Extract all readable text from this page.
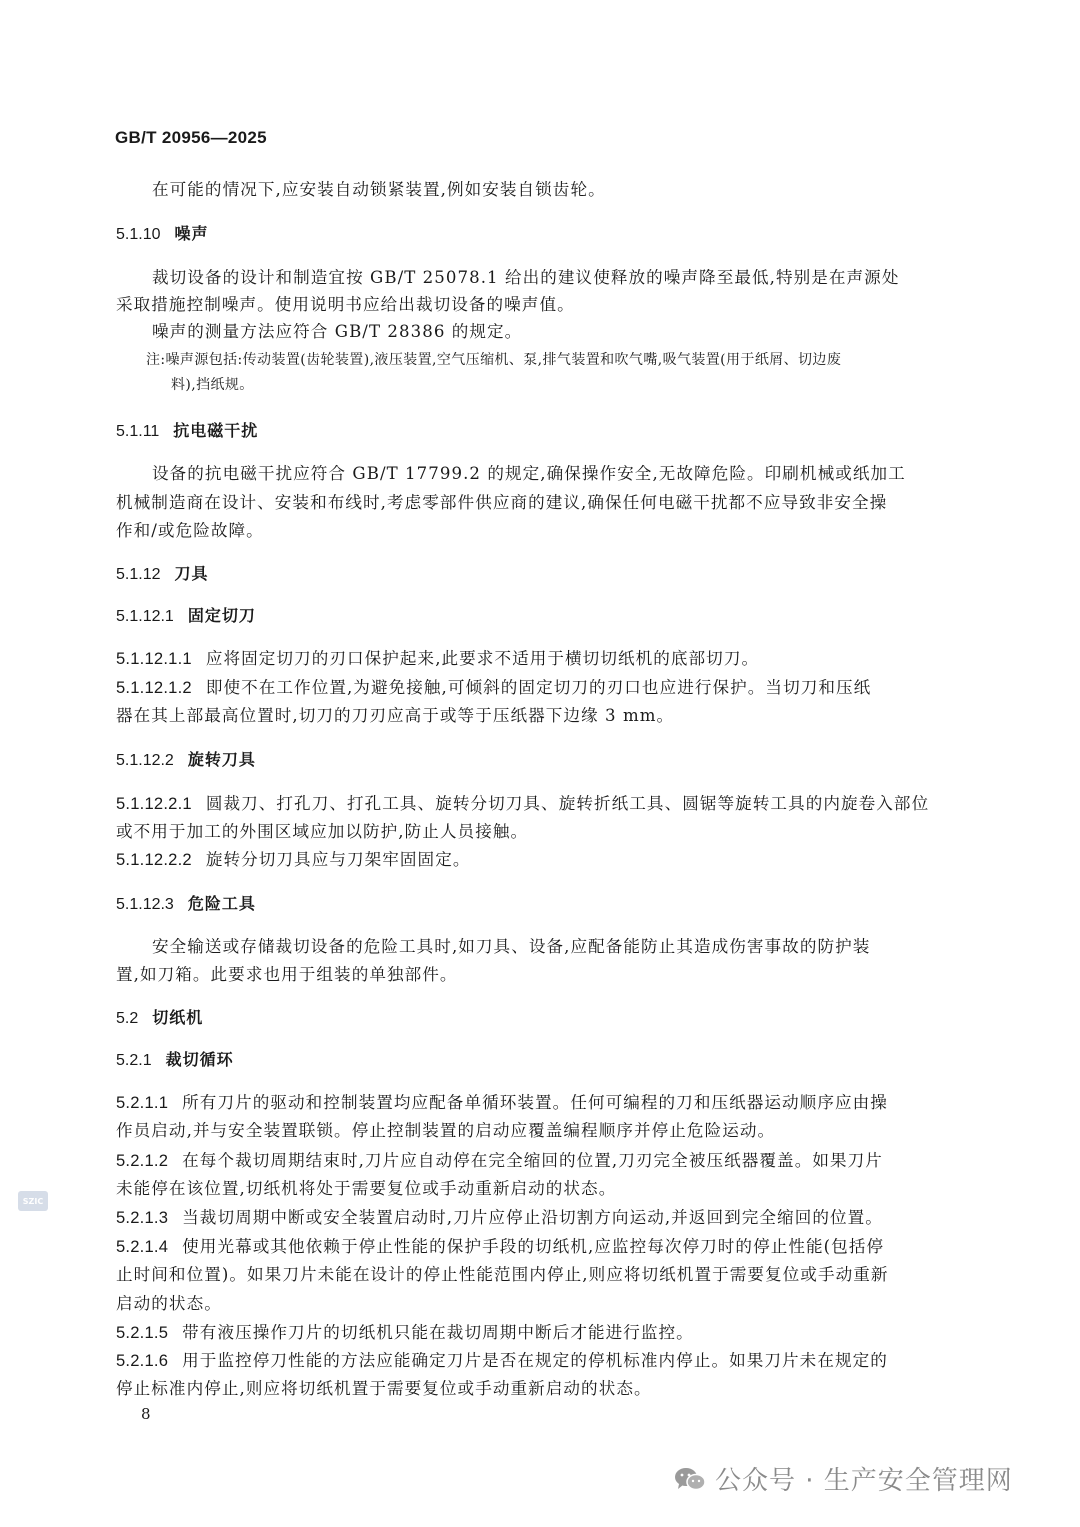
GB/T 20956—2025
在可能的情况下,应安装自动锁紧装置,例如安装自锁齿轮。
5.1.10 噪声
裁切设备的设计和制造宜按 GB/T 25078.1 给出的建议使释放的噪声降至最低,特别是在声源处
采取措施控制噪声。使用说明书应给出裁切设备的噪声值。
噪声的测量方法应符合 GB/T 28386 的规定。
注:噪声源包括:传动装置(齿轮装置),液压装置,空气压缩机、泵,排气装置和吹气嘴,吸气装置(用于纸屑、切边废
料),挡纸规。
5.1.11 抗电磁干扰
设备的抗电磁干扰应符合 GB/T 17799.2 的规定,确保操作安全,无故障危险。印刷机械或纸加工
机械制造商在设计、安装和布线时,考虑零部件供应商的建议,确保任何电磁干扰都不应导致非安全操
作和/或危险故障。
5.1.12 刀具
5.1.12.1 固定切刀
5.1.12.1.1 应将固定切刀的刃口保护起来,此要求不适用于横切切纸机的底部切刀。
5.1.12.1.2 即使不在工作位置,为避免接触,可倾斜的固定切刀的刃口也应进行保护。当切刀和压纸
器在其上部最高位置时,切刀的刀刃应高于或等于压纸器下边缘 3 mm。
5.1.12.2 旋转刀具
5.1.12.2.1 圆裁刀、打孔刀、打孔工具、旋转分切刀具、旋转折纸工具、圆锯等旋转工具的内旋卷入部位
或不用于加工的外围区域应加以防护,防止人员接触。
5.1.12.2.2 旋转分切刀具应与刀架牢固固定。
5.1.12.3 危险工具
安全输送或存储裁切设备的危险工具时,如刀具、设备,应配备能防止其造成伤害事故的防护装
置,如刀箱。此要求也用于组装的单独部件。
5.2 切纸机
5.2.1 裁切循环
5.2.1.1 所有刀片的驱动和控制装置均应配备单循环装置。任何可编程的刀和压纸器运动顺序应由操
作员启动,并与安全装置联锁。停止控制装置的启动应覆盖编程顺序并停止危险运动。
5.2.1.2 在每个裁切周期结束时,刀片应自动停在完全缩回的位置,刀刃完全被压纸器覆盖。如果刀片
未能停在该位置,切纸机将处于需要复位或手动重新启动的状态。
5.2.1.3 当裁切周期中断或安全装置启动时,刀片应停止沿切割方向运动,并返回到完全缩回的位置。
5.2.1.4 使用光幕或其他依赖于停止性能的保护手段的切纸机,应监控每次停刀时的停止性能(包括停
止时间和位置)。如果刀片未能在设计的停止性能范围内停止,则应将切纸机置于需要复位或手动重新
启动的状态。
5.2.1.5 带有液压操作刀片的切纸机只能在裁切周期中断后才能进行监控。
5.2.1.6 用于监控停刀性能的方法应能确定刀片是否在规定的停机标准内停止。如果刀片未在规定的
停止标准内停止,则应将切纸机置于需要复位或手动重新启动的状态。
8
SZIC
公众号 · 生产安全管理网
